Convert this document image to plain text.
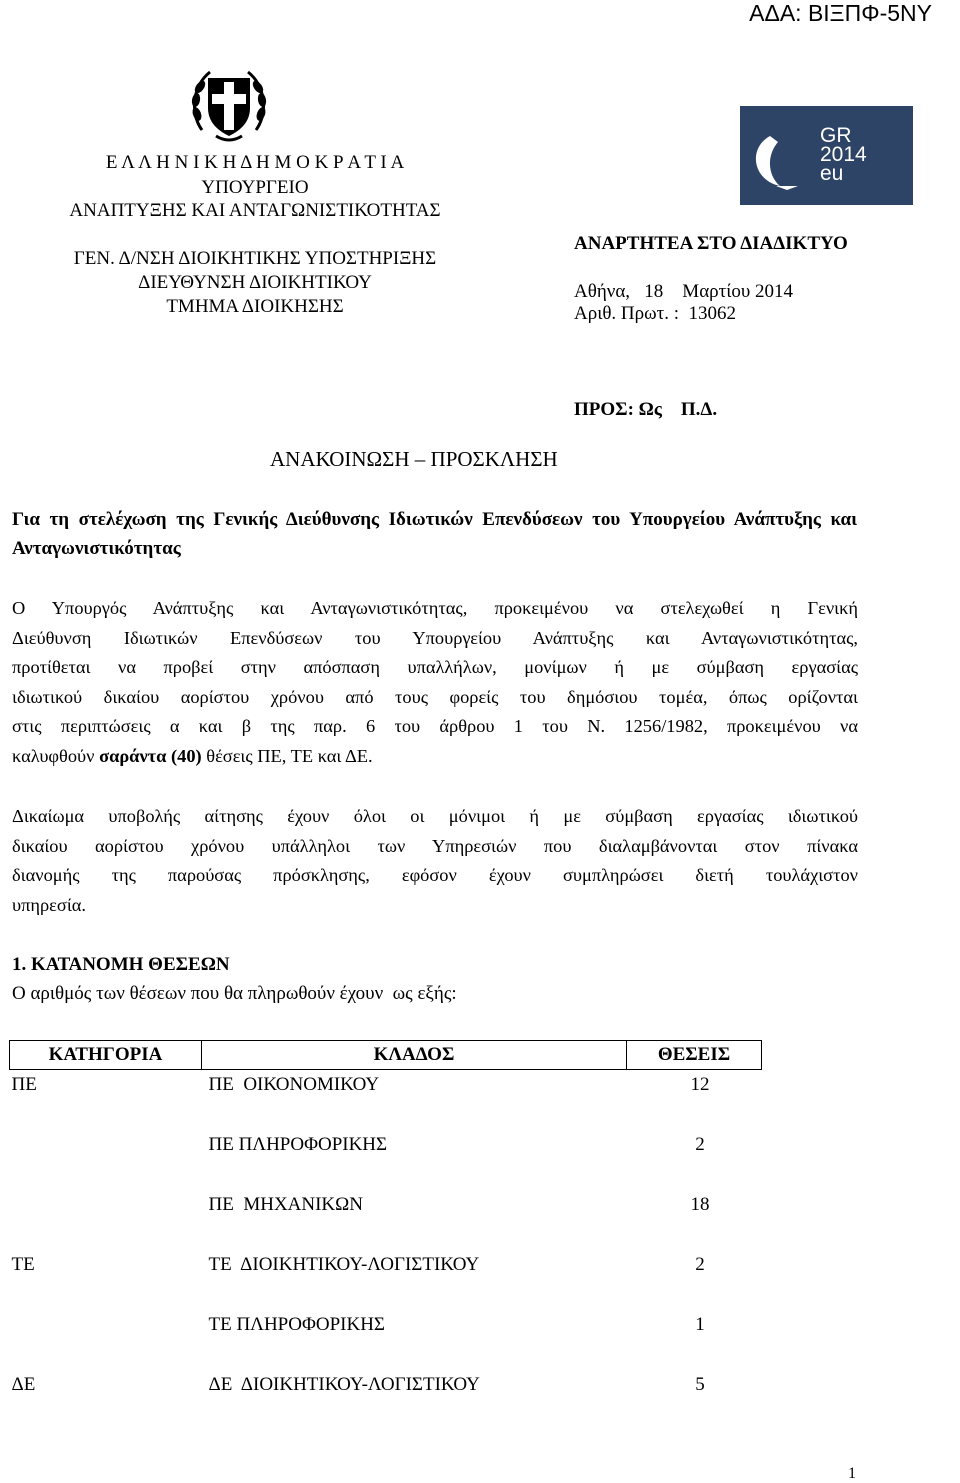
ΑΔΑ: ΒΙΞΠΦ-5ΝΥ
Ε Λ Λ Η Ν Ι Κ Η Δ Η Μ Ο Κ Ρ Α Τ Ι Α
ΥΠΟΥΡΓΕΙΟ
ΑΝΑΠΤΥΞΗΣ ΚΑΙ ΑΝΤΑΓΩΝΙΣΤΙΚΟΤΗΤΑΣ
ΓΕΝ. Δ/ΝΣΗ ΔΙΟΙΚΗΤΙΚΗΣ ΥΠΟΣΤΗΡΙΞΗΣ
ΔΙΕΥΘΥΝΣΗ ΔΙΟΙΚΗΤΙΚΟΥ
ΤΜΗΜΑ ΔΙΟΙΚΗΣΗΣ
GR
2014
eu
ΑΝΑΡΤΗΤΕΑ ΣΤΟ ΔΙΑΔΙΚΤΥΟ
Αθήνα,   18    Μαρτίου 2014
Αριθ. Πρωτ. :  13062
ΠΡΟΣ: Ως    Π.Δ.
ΑΝΑΚΟΙΝΩΣΗ – ΠΡΟΣΚΛΗΣΗ
Για τη στελέχωση της Γενικής Διεύθυνσης Ιδιωτικών Επενδύσεων του Υπουργείου Ανάπτυξης και Ανταγωνιστικότητας
Ο Υπουργός Ανάπτυξης και Ανταγωνιστικότητας, προκειμένου να στελεχωθεί η Γενική
Διεύθυνση Ιδιωτικών Επενδύσεων του Υπουργείου Ανάπτυξης και Ανταγωνιστικότητας,
προτίθεται να προβεί στην απόσπαση υπαλλήλων, μονίμων ή με σύμβαση εργασίας
ιδιωτικού δικαίου αορίστου χρόνου από τους φορείς του δημόσιου τομέα, όπως ορίζονται
στις περιπτώσεις α και β της παρ. 6 του άρθρου 1 του Ν. 1256/1982, προκειμένου να
καλυφθούν σαράντα (40) θέσεις ΠΕ, ΤΕ και ΔΕ.
Δικαίωμα υποβολής αίτησης έχουν όλοι οι μόνιμοι ή με σύμβαση εργασίας ιδιωτικού
δικαίου αορίστου χρόνου υπάλληλοι των Υπηρεσιών που διαλαμβάνονται στον πίνακα
διανομής της παρούσας πρόσκλησης, εφόσον έχουν συμπληρώσει διετή τουλάχιστον
υπηρεσία.
1. ΚΑΤΑΝΟΜΗ ΘΕΣΕΩΝ
Ο αριθμός των θέσεων που θα πληρωθούν έχουν  ως εξής:
ΚΑΤΗΓΟΡΙΑ	ΚΛΑΔΟΣ	ΘΕΣΕΙΣ
ΠΕ	ΠΕ  ΟΙΚΟΝΟΜΙΚΟΥ	12
	ΠΕ ΠΛΗΡΟΦΟΡΙΚΗΣ	2
	ΠΕ  ΜΗΧΑΝΙΚΩΝ	18
ΤΕ	ΤΕ  ΔΙΟΙΚΗΤΙΚΟΥ-ΛΟΓΙΣΤΙΚΟΥ	2
	ΤΕ ΠΛΗΡΟΦΟΡΙΚΗΣ	1
ΔΕ	ΔΕ  ΔΙΟΙΚΗΤΙΚΟΥ-ΛΟΓΙΣΤΙΚΟΥ	5
1
